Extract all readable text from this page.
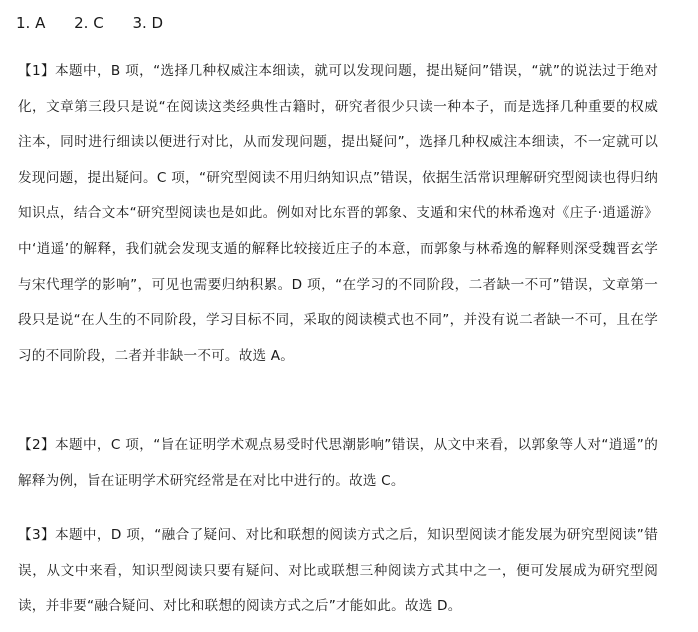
1. A 2. C 3. D
【1】本题中，B 项，“选择几种权威注本细读，就可以发现问题，提出疑问”错误，“就”的说法过于绝对化，文章第三段只是说“在阅读这类经典性古籍时，研究者很少只读一种本子，而是选择几种重要的权威注本，同时进行细读以便进行对比，从而发现问题，提出疑问”，选择几种权威注本细读，不一定就可以发现问题，提出疑问。C 项，“研究型阅读不用归纳知识点”错误，依据生活常识理解研究型阅读也得归纳知识点，结合文本“研究型阅读也是如此。例如对比东晋的郭象、支遁和宋代的林希逸对《庄子·逍遥游》中‘逍遥’的解释，我们就会发现支遁的解释比较接近庄子的本意，而郭象与林希逸的解释则深受魏晋玄学与宋代理学的影响”，可见也需要归纳积累。D 项，“在学习的不同阶段，二者缺一不可”错误，文章第一段只是说“在人生的不同阶段，学习目标不同，采取的阅读模式也不同”，并没有说二者缺一不可，且在学习的不同阶段，二者并非缺一不可。故选 A。
【2】本题中，C 项，“旨在证明学术观点易受时代思潮影响”错误，从文中来看，以郭象等人对“逍遥”的解释为例，旨在证明学术研究经常是在对比中进行的。故选 C。
【3】本题中，D 项，“融合了疑问、对比和联想的阅读方式之后，知识型阅读才能发展为研究型阅读”错误，从文中来看，知识型阅读只要有疑问、对比或联想三种阅读方式其中之一，便可发展成为研究型阅读，并非要“融合疑问、对比和联想的阅读方式之后”才能如此。故选 D。
